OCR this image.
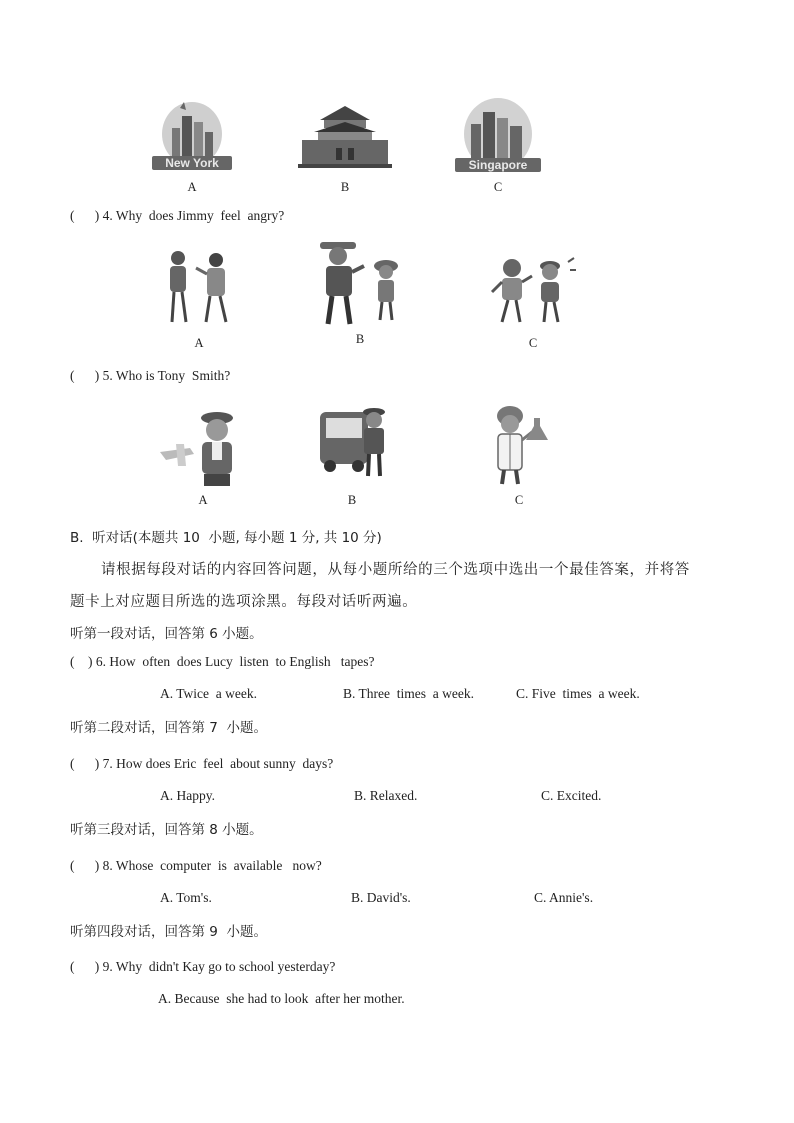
New York
A	B
Singapore
C
(      ) 4. Why  does Jimmy  feel  angry?
A	B	C
(      ) 5. Who is Tony  Smith?
A	B	C
B.  听对话(本题共 10  小题, 每小题 1 分, 共 10 分)
请根据每段对话的内容回答问题，从每小题所给的三个选项中选出一个最佳答案，并将答
题卡上对应题目所选的选项涂黑。每段对话听两遍。
听第一段对话，回答第 6 小题。
(    ) 6. How  often  does Lucy  listen  to English   tapes?
A. Twice  a week.	B. Three  times  a week.	C. Five  times  a week.
听第二段对话，回答第 7  小题。
(      ) 7. How does Eric  feel  about sunny  days?
A. Happy.	B. Relaxed.	C. Excited.
听第三段对话，回答第 8 小题。
(      ) 8. Whose  computer  is  available   now?
A. Tom's.	B. David's.	C. Annie's.
听第四段对话，回答第 9  小题。
(      ) 9. Why  didn't Kay go to school yesterday?
A. Because  she had to look  after her mother.
